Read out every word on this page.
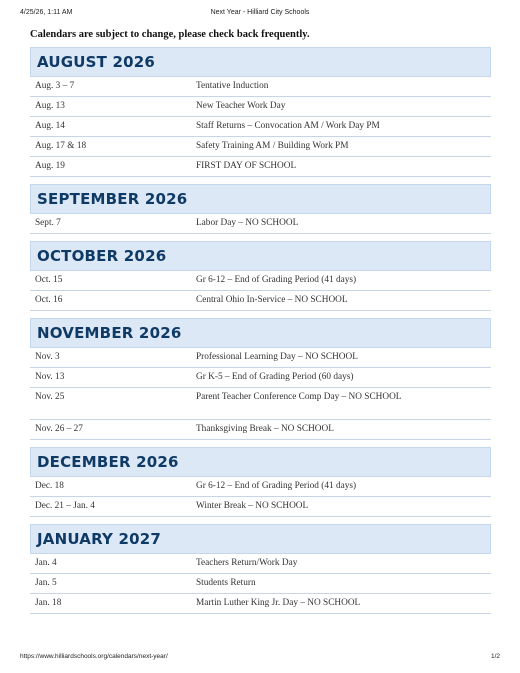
4/25/26, 1:11 AM	Next Year - Hilliard City Schools
Calendars are subject to change, please check back frequently.
AUGUST 2026
Aug. 3 – 7	Tentative Induction
Aug. 13	New Teacher Work Day
Aug. 14	Staff Returns – Convocation AM / Work Day PM
Aug. 17 & 18	Safety Training AM / Building Work PM
Aug. 19	FIRST DAY OF SCHOOL
SEPTEMBER 2026
Sept. 7	Labor Day – NO SCHOOL
OCTOBER 2026
Oct. 15	Gr 6-12 – End of Grading Period (41 days)
Oct. 16	Central Ohio In-Service – NO SCHOOL
NOVEMBER 2026
Nov. 3	Professional Learning Day – NO SCHOOL
Nov. 13	Gr K-5 – End of Grading Period (60 days)
Nov. 25	Parent Teacher Conference Comp Day – NO SCHOOL
Nov. 26 – 27	Thanksgiving Break – NO SCHOOL
DECEMBER 2026
Dec. 18	Gr 6-12 – End of Grading Period (41 days)
Dec. 21 – Jan. 4	Winter Break – NO SCHOOL
JANUARY 2027
Jan. 4	Teachers Return/Work Day
Jan. 5	Students Return
Jan. 18	Martin Luther King Jr. Day – NO SCHOOL
https://www.hilliardschools.org/calendars/next-year/	1/2
